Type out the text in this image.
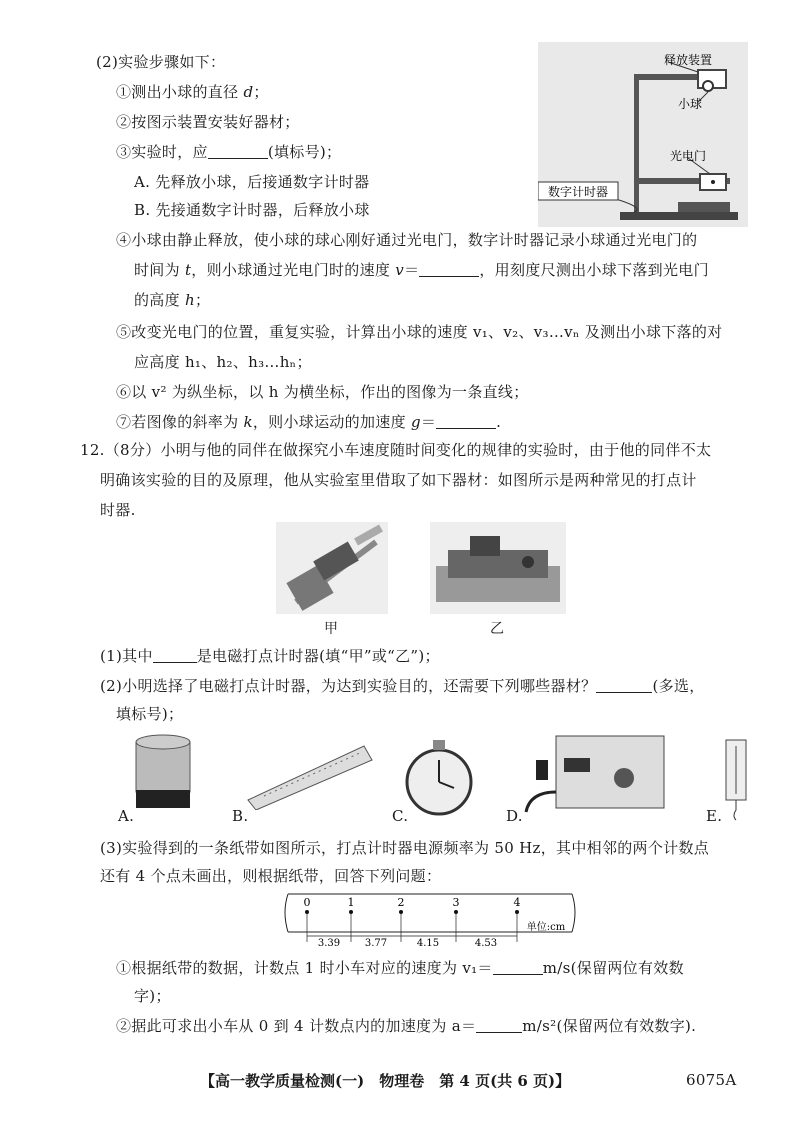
(2)实验步骤如下：
①测出小球的直径 d；
②按图示装置安装好器材；
③实验时，应	(填标号)；
A. 先释放小球，后接通数字计时器
B. 先接通数字计时器，后释放小球
④小球由静止释放，使小球的球心刚好通过光电门，数字计时器记录小球通过光电门的
时间为 t，则小球通过光电门时的速度 v＝	，用刻度尺测出小球下落到光电门
的高度 h；
⑤改变光电门的位置，重复实验，计算出小球的速度 v₁、v₂、v₃…vₙ 及测出小球下落的对
应高度 h₁、h₂、h₃…hₙ；
⑥以 v² 为纵坐标，以 h 为横坐标，作出的图像为一条直线；
⑦若图像的斜率为 k，则小球运动的加速度 g＝	.
释放装置
小球
光电门
数字计时器
12.（8分）小明与他的同伴在做探究小车速度随时间变化的规律的实验时，由于他的同伴不太
明确该实验的目的及原理，他从实验室里借取了如下器材：如图所示是两种常见的打点计
时器.
甲	乙
(1)其中	是电磁打点计时器(填“甲”或“乙”)；
(2)小明选择了电磁打点计时器，为达到实验目的，还需要下列哪些器材？	(多选，
填标号)；
A.	B.	C.	D.	E.
(3)实验得到的一条纸带如图所示，打点计时器电源频率为 50 Hz，其中相邻的两个计数点
还有 4 个点未画出，则根据纸带，回答下列问题：
0	1	2	3	4
3.39 3.77	4.15	4.53
单位:cm
①根据纸带的数据，计数点 1 时小车对应的速度为 v₁＝	m/s(保留两位有效数
字)；
②据此可求出小车从 0 到 4 计数点内的加速度为 a＝	m/s²(保留两位有效数字).
【高一教学质量检测(一)　物理卷　第 4 页(共 6 页)】	6075A
